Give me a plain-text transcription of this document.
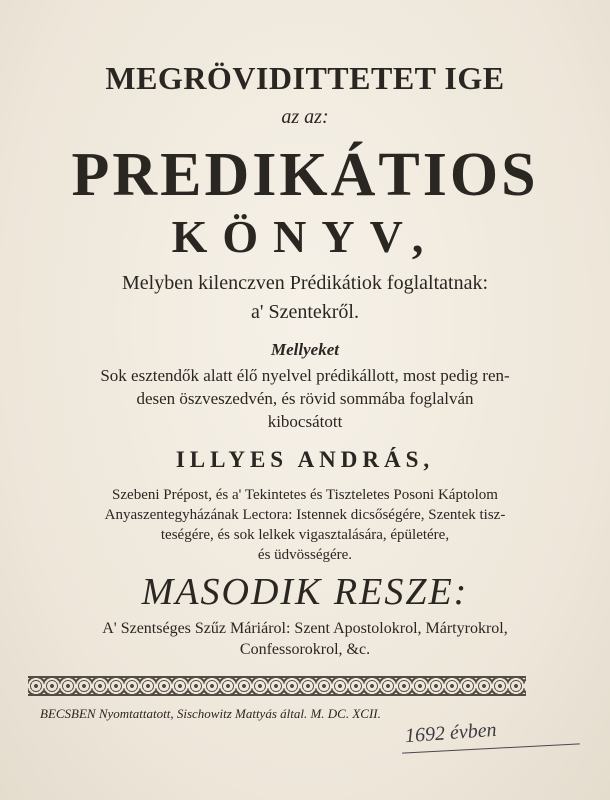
MEGRÖVIDITTETET IGE
az az:
PREDIKÁTIOS
KÖNYV,
Melyben kilenczven Prédikátiok foglaltatnak:
a' Szentekről.
Mellyeket
Sok esztendők alatt élő nyelvel prédikállott, most pedig ren-
desen öszveszedvén, és rövid sommába foglalván
kibocsátott
ILLYES ANDRÁS,
Szebeni Prépost, és a' Tekintetes és Tiszteletes Posoni Káptolom
Anyaszentegyházának Lectora: Istennek dicsőségére, Szentek tisz-
teségére, és sok lelkek vigasztalására, épületére,
és üdvösségére.
MASODIK RESZE:
A' Szentséges Szűz Máriárol: Szent Apostolokrol, Mártyrokrol,
Confessorokrol, &c.
BECSBEN Nyomtattatott, Sischowitz Mattyás által. M. DC. XCII.
1692 évben
